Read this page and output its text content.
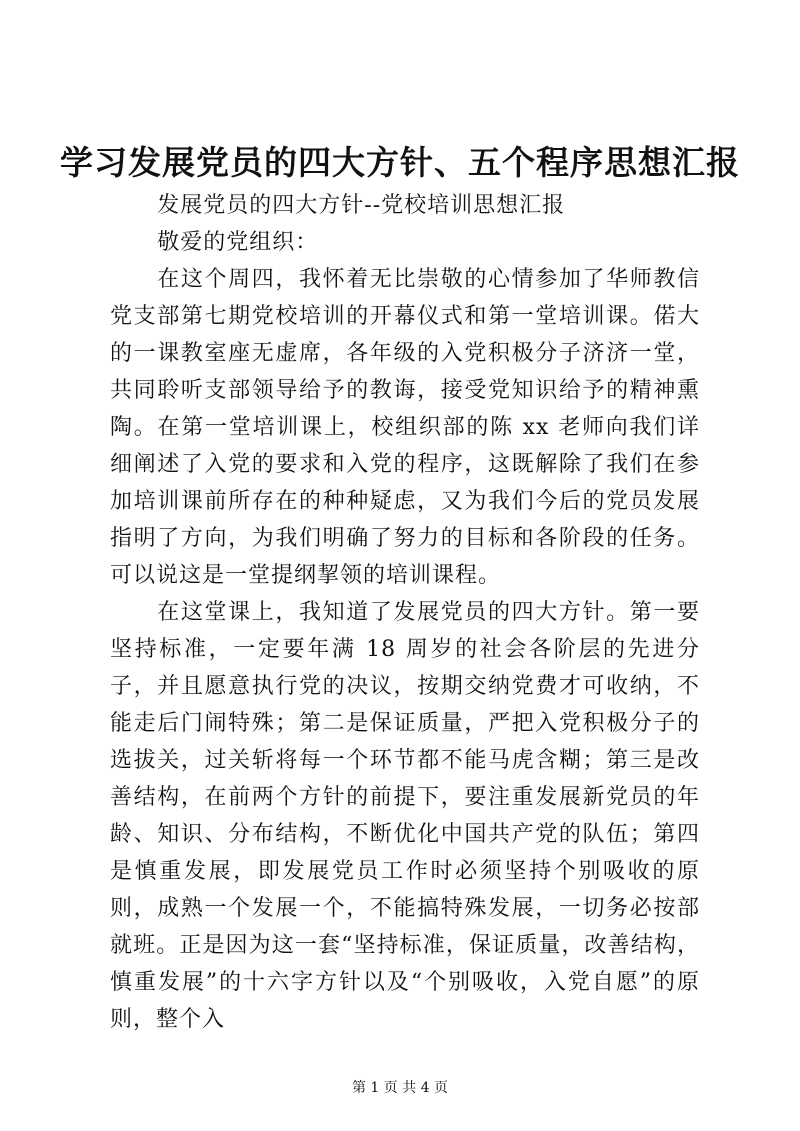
学习发展党员的四大方针、五个程序思想汇报

发展党员的四大方针--党校培训思想汇报

敬爱的党组织：

在这个周四，我怀着无比崇敬的心情参加了华师教信党支部第七期党校培训的开幕仪式和第一堂培训课。偌大的一课教室座无虚席，各年级的入党积极分子济济一堂，共同聆听支部领导给予的教诲，接受党知识给予的精神熏陶。在第一堂培训课上，校组织部的陈 xx 老师向我们详细阐述了入党的要求和入党的程序，这既解除了我们在参加培训课前所存在的种种疑虑，又为我们今后的党员发展指明了方向，为我们明确了努力的目标和各阶段的任务。可以说这是一堂提纲挈领的培训课程。

在这堂课上，我知道了发展党员的四大方针。第一要坚持标准，一定要年满 18 周岁的社会各阶层的先进分子，并且愿意执行党的决议，按期交纳党费才可收纳，不能走后门闹特殊；第二是保证质量，严把入党积极分子的选拔关，过关斩将每一个环节都不能马虎含糊；第三是改善结构，在前两个方针的前提下，要注重发展新党员的年龄、知识、分布结构，不断优化中国共产党的队伍；第四是慎重发展，即发展党员工作时必须坚持个别吸收的原则，成熟一个发展一个，不能搞特殊发展，一切务必按部就班。正是因为这一套“坚持标准，保证质量，改善结构，慎重发展”的十六字方针以及“个别吸收，入党自愿”的原则，整个入

第 1 页 共 4 页
